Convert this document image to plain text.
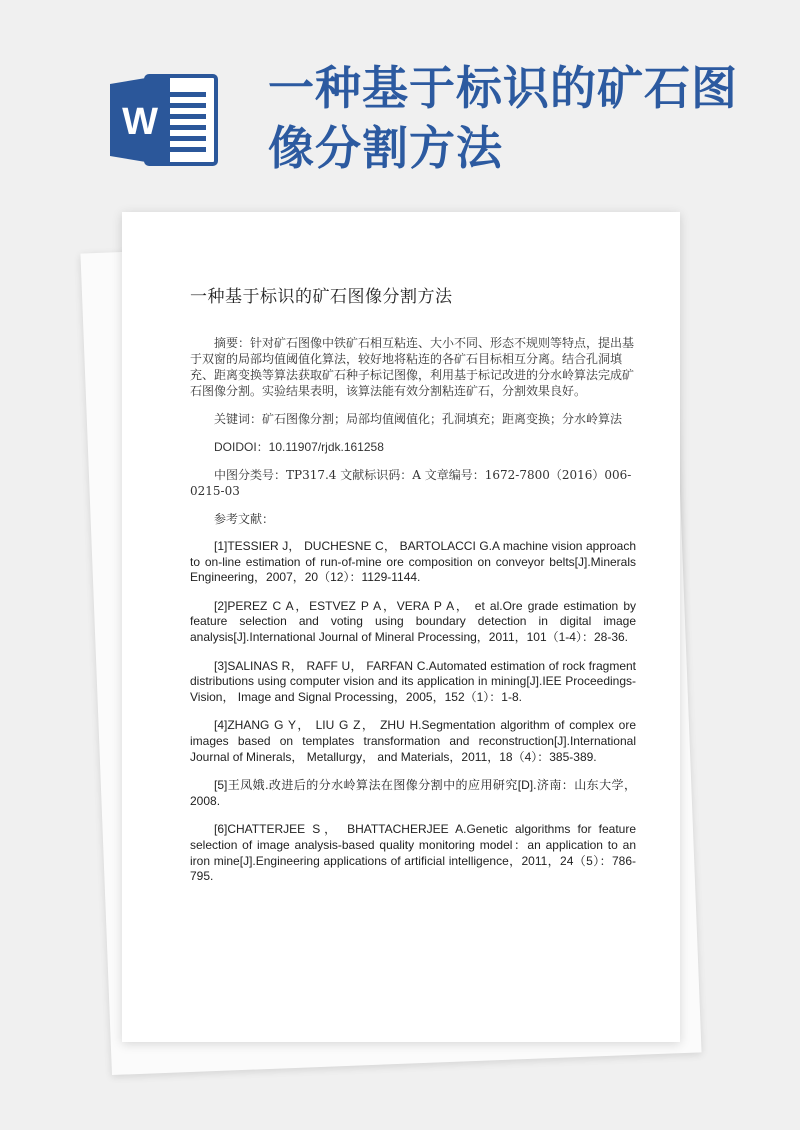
W
一种基于标识的矿石图像分割方法
一种基于标识的矿石图像分割方法

摘要：针对矿石图像中铁矿石相互粘连、大小不同、形态不规则等特点，提出基于双窗的局部均值阈值化算法，较好地将粘连的各矿石目标相互分离。结合孔洞填充、距离变换等算法获取矿石种子标记图像，利用基于标记改进的分水岭算法完成矿石图像分割。实验结果表明，该算法能有效分割粘连矿石，分割效果良好。

关键词：矿石图像分割；局部均值阈值化；孔洞填充；距离变换；分水岭算法

DOIDOI：10.11907/rjdk.161258

中图分类号：TP317.4 文献标识码：A 文章编号：1672-7800（2016）006-0215-03

参考文献：

[1]TESSIER J， DUCHESNE C， BARTOLACCI G.A machine vision approach to on-line estimation of run-of-mine ore composition on conveyor belts[J].Minerals Engineering，2007，20（12）：1129-1144.

[2]PEREZ C A，ESTVEZ P A，VERA P A， et al.Ore grade estimation by feature selection and voting using boundary detection in digital image analysis[J].International Journal of Mineral Processing，2011，101（1-4）：28-36.

[3]SALINAS R， RAFF U， FARFAN C.Automated estimation of rock fragment distributions using computer vision and its application in mining[J].IEE Proceedings-Vision， Image and Signal Processing，2005，152（1）：1-8.

[4]ZHANG G Y， LIU G Z， ZHU H.Segmentation algorithm of complex ore images based on templates transformation and reconstruction[J].International Journal of Minerals， Metallurgy， and Materials，2011，18（4）：385-389.

[5]王凤娥.改进后的分水岭算法在图像分割中的应用研究[D].济南：山东大学，2008.

[6]CHATTERJEE S， BHATTACHERJEE A.Genetic algorithms for feature selection of image analysis-based quality monitoring model：an application to an iron mine[J].Engineering applications of artificial intelligence，2011，24（5）：786-795.
